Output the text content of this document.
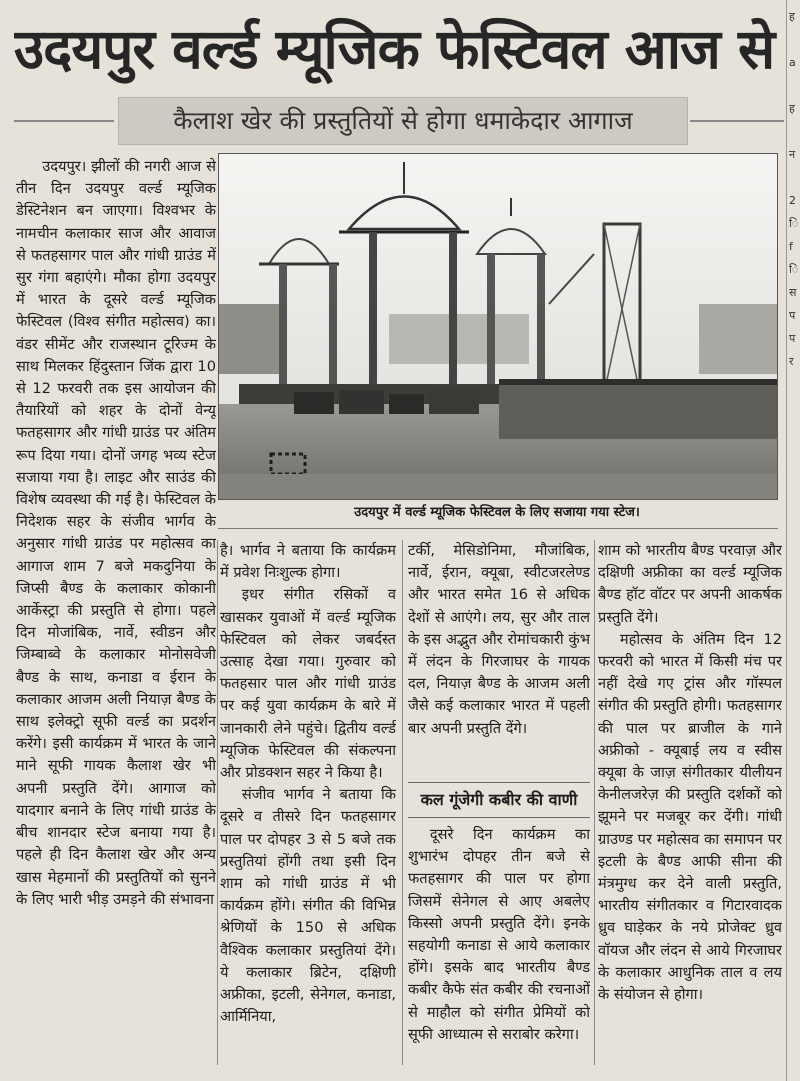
उदयपुर वर्ल्ड म्यूजिक फेस्टिवल आज से
कैलाश खेर की प्रस्तुतियों से होगा धमाकेदार आगाज
ह
a
ह
न
2
ि
f
ि
स
प
प
र
उदयपुर में वर्ल्ड म्यूजिक फेस्टिवल के लिए सजाया गया स्टेज।

उदयपुर। झीलों की नगरी आज से तीन दिन उदयपुर वर्ल्ड म्यूजिक डेस्टिनेशन बन जाएगा। विश्वभर के नामचीन कलाकार साज और आवाज से फतहसागर पाल और गांधी ग्राउंड में सुर गंगा बहाएंगे। मौका होगा उदयपुर में भारत के दूसरे वर्ल्ड म्यूजिक फेस्टिवल (विश्व संगीत महोत्सव) का। वंडर सीमेंट और राजस्थान टूरिज्म के साथ मिलकर हिंदुस्तान जिंक द्वारा 10 से 12 फरवरी तक इस आयोजन की तैयारियों को शहर के दोनों वेन्यू फतहसागर और गांधी ग्राउंड पर अंतिम रूप दिया गया। दोनों जगह भव्य स्टेज सजाया गया है। लाइट और साउंड की विशेष व्यवस्था की गई है। फेस्टिवल के निदेशक सहर के संजीव भार्गव के अनुसार गांधी ग्राउंड पर महोत्सव का आगाज शाम 7 बजे मकदुनिया के जिप्सी बैण्ड के कलाकार कोकानी आर्केस्ट्रा की प्रस्तुति से होगा। पहले दिन मोजांबिक, नार्वे, स्वीडन और जिम्बाब्वे के कलाकार मोनोसवेजी बैण्ड के साथ, कनाडा व ईरान के कलाकार आजम अली नियाज़ बैण्ड के साथ इलेक्ट्रो सूफी वर्ल्ड का प्रदर्शन करेंगे। इसी कार्यक्रम में भारत के जाने माने सूफी गायक कैलाश खेर भी अपनी प्रस्तुति देंगे। आगाज को यादगार बनाने के लिए गांधी ग्राउंड के बीच शानदार स्टेज बनाया गया है। पहले ही दिन कैलाश खेर और अन्य खास मेहमानों की प्रस्तुतियों को सुनने के लिए भारी भीड़ उमड़ने की संभावना

है। भार्गव ने बताया कि कार्यक्रम में प्रवेश निःशुल्क होगा।

इधर संगीत रसिकों व खासकर युवाओं में वर्ल्ड म्यूजिक फेस्टिवल को लेकर जबर्दस्त उत्साह देखा गया। गुरुवार को फतहसार पाल और गांधी ग्राउंड पर कई युवा कार्यक्रम के बारे में जानकारी लेने पहुंचे। द्वितीय वर्ल्ड म्यूजिक फेस्टिवल की संकल्पना और प्रोडक्शन सहर ने किया है।

संजीव भार्गव ने बताया कि दूसरे व तीसरे दिन फतहसागर पाल पर दोपहर 3 से 5 बजे तक प्रस्तुतियां होंगी तथा इसी दिन शाम को गांधी ग्राउंड में भी कार्यक्रम होंगे। संगीत की विभिन्न श्रेणियों के 150 से अधिक वैश्विक कलाकार प्रस्तुतियां देंगे। ये कलाकार ब्रिटेन, दक्षिणी अफ्रीका, इटली, सेनेगल, कनाडा, आर्मिनिया,

टर्की, मेसिडोनिमा, मौजांबिक, नार्वे, ईरान, क्यूबा, स्वीटजरलेण्ड और भारत समेत 16 से अधिक देशों से आएंगे। लय, सुर और ताल के इस अद्भुत और रोमांचकारी कुंभ में लंदन के गिरजाघर के गायक दल, नियाज़ बैण्ड के आजम अली जैसे कई कलाकार भारत में पहली बार अपनी प्रस्तुति देंगे।

कल गूंजेगी कबीर की वाणी

दूसरे दिन कार्यक्रम का शुभारंभ दोपहर तीन बजे से फतहसागर की पाल पर होगा जिसमें सेनेगल से आए अबलेए किस्सो अपनी प्रस्तुति देंगे। इनके सहयोगी कनाडा से आये कलाकार होंगे। इसके बाद भारतीय बैण्ड कबीर कैफे संत कबीर की रचनाओं से माहौल को संगीत प्रेमियों को सूफी आध्यात्म से सराबोर करेगा।

शाम को भारतीय बैण्ड परवाज़ और दक्षिणी अफ्रीका का वर्ल्ड म्यूजिक बैण्ड हॉट वॉटर पर अपनी आकर्षक प्रस्तुति देंगे।

महोत्सव के अंतिम दिन 12 फरवरी को भारत में किसी मंच पर नहीं देखे गए ट्रांस और गॉस्पल संगीत की प्रस्तुति होगी। फतहसागर की पाल पर ब्राजील के गाने अफ्रीको - क्यूबाई लय व स्वीस क्यूबा के जाज़ संगीतकार यीलीयन केनीलजरेज़ की प्रस्तुति दर्शकों को झूमने पर मजबूर कर देंगी। गांधी ग्राउण्ड पर महोत्सव का समापन पर इटली के बैण्ड आफी सीना की मंत्रमुग्ध कर देने वाली प्रस्तुति, भारतीय संगीतकार व गिटारवादक ध्रुव घाड़ेकर के नये प्रोजेक्ट ध्रुव वॉयज और लंदन से आये गिरजाघर के कलाकार आधुनिक ताल व लय के संयोजन से होगा।
